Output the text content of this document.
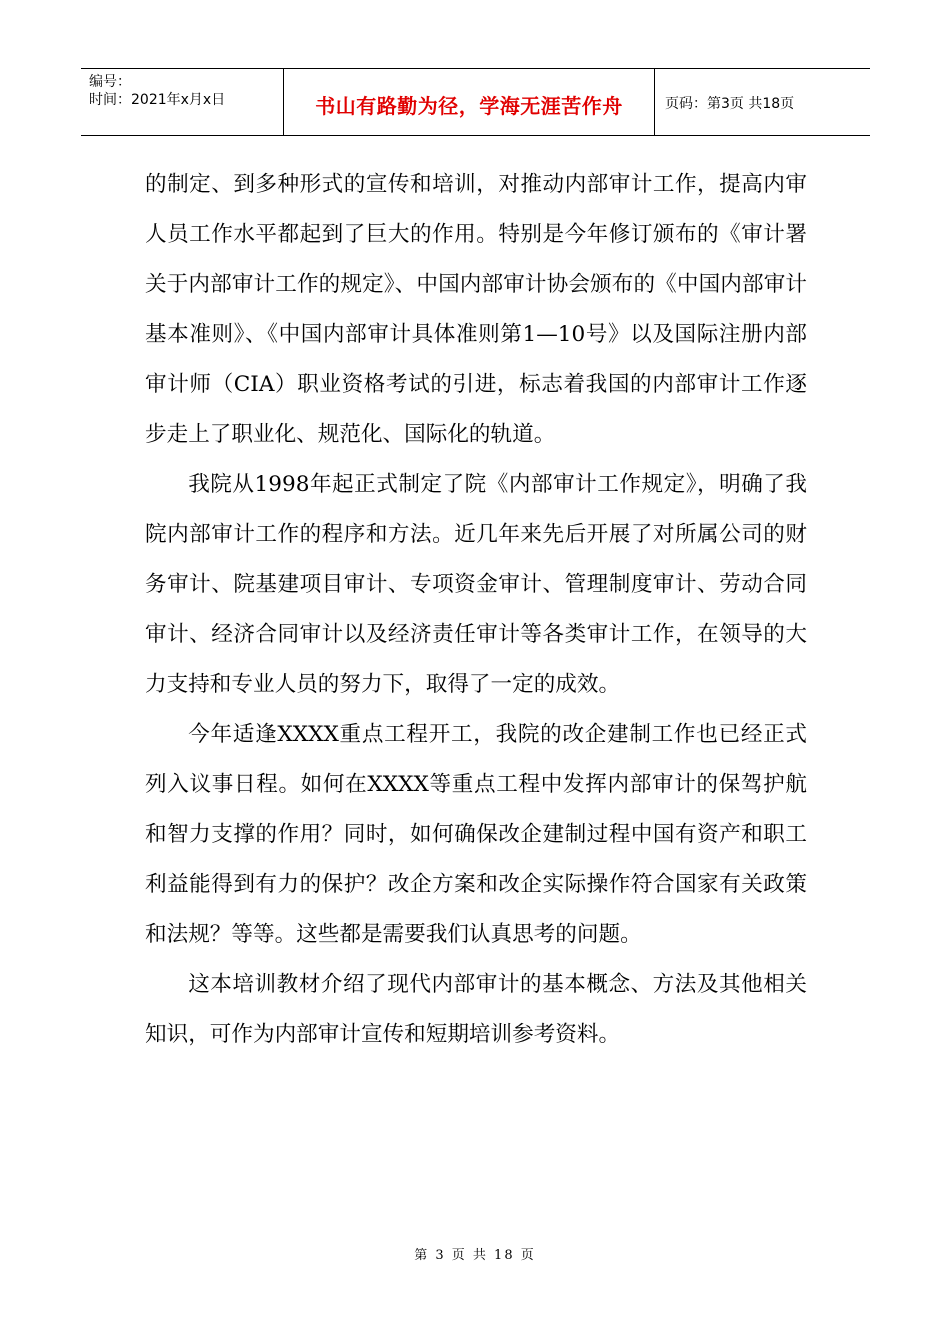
编号：
时间：2021年x月x日	书山有路勤为径，学海无涯苦作舟	页码：第3页 共18页

的制定、到多种形式的宣传和培训，对推动内部审计工作，提高内审人员工作水平都起到了巨大的作用。特别是今年修订颁布的《审计署关于内部审计工作的规定》、中国内部审计协会颁布的《中国内部审计基本准则》、《中国内部审计具体准则第1—10号》以及国际注册内部审计师（CIA）职业资格考试的引进，标志着我国的内部审计工作逐步走上了职业化、规范化、国际化的轨道。

我院从1998年起正式制定了院《内部审计工作规定》，明确了我院内部审计工作的程序和方法。近几年来先后开展了对所属公司的财务审计、院基建项目审计、专项资金审计、管理制度审计、劳动合同审计、经济合同审计以及经济责任审计等各类审计工作，在领导的大力支持和专业人员的努力下，取得了一定的成效。

今年适逢XXXX重点工程开工，我院的改企建制工作也已经正式列入议事日程。如何在XXXX等重点工程中发挥内部审计的保驾护航和智力支撑的作用？同时，如何确保改企建制过程中国有资产和职工利益能得到有力的保护？改企方案和改企实际操作符合国家有关政策和法规？等等。这些都是需要我们认真思考的问题。

这本培训教材介绍了现代内部审计的基本概念、方法及其他相关知识，可作为内部审计宣传和短期培训参考资料。

第 3 页 共 18 页
